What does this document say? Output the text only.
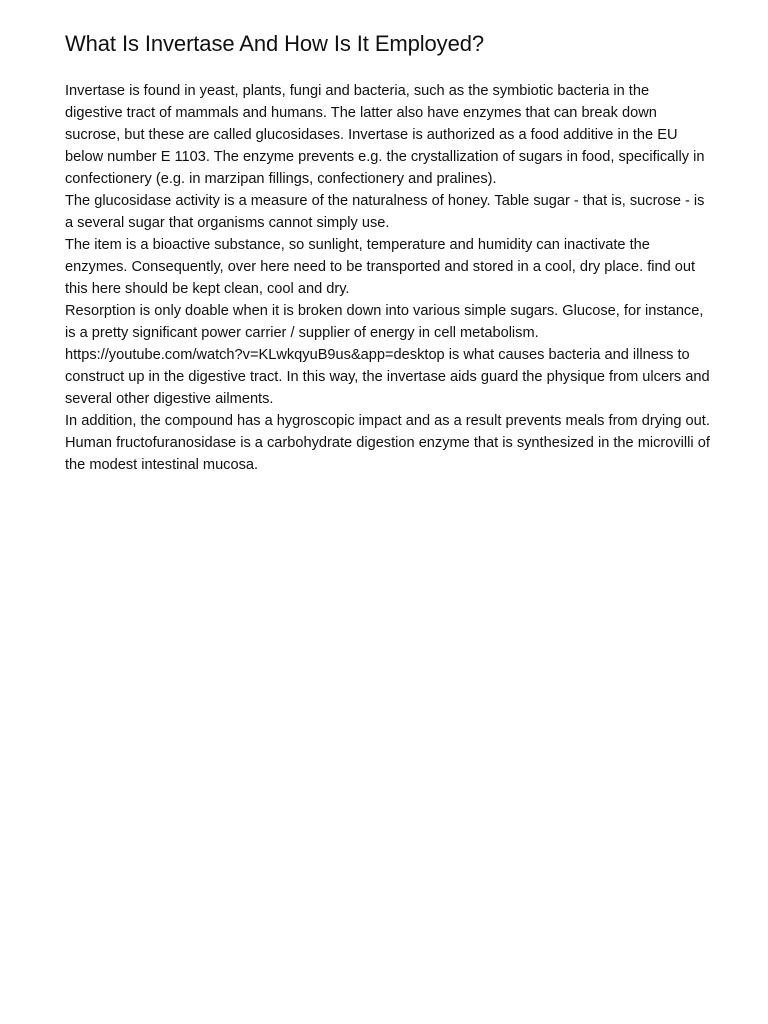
What Is Invertase And How Is It Employed?

Invertase is found in yeast, plants, fungi and bacteria, such as the symbiotic bacteria in the digestive tract of mammals and humans. The latter also have enzymes that can break down sucrose, but these are called glucosidases. Invertase is authorized as a food additive in the EU below number E 1103. The enzyme prevents e.g. the crystallization of sugars in food, specifically in confectionery (e.g. in marzipan fillings, confectionery and pralines).

The glucosidase activity is a measure of the naturalness of honey. Table sugar - that is, sucrose - is a several sugar that organisms cannot simply use.

The item is a bioactive substance, so sunlight, temperature and humidity can inactivate the enzymes. Consequently, over here need to be transported and stored in a cool, dry place. find out this here should be kept clean, cool and dry.

Resorption is only doable when it is broken down into various simple sugars. Glucose, for instance, is a pretty significant power carrier / supplier of energy in cell metabolism. https://youtube.com/watch?v=KLwkqyuB9us&app=desktop is what causes bacteria and illness to construct up in the digestive tract. In this way, the invertase aids guard the physique from ulcers and several other digestive ailments.

In addition, the compound has a hygroscopic impact and as a result prevents meals from drying out. Human fructofuranosidase is a carbohydrate digestion enzyme that is synthesized in the microvilli of the modest intestinal mucosa.
